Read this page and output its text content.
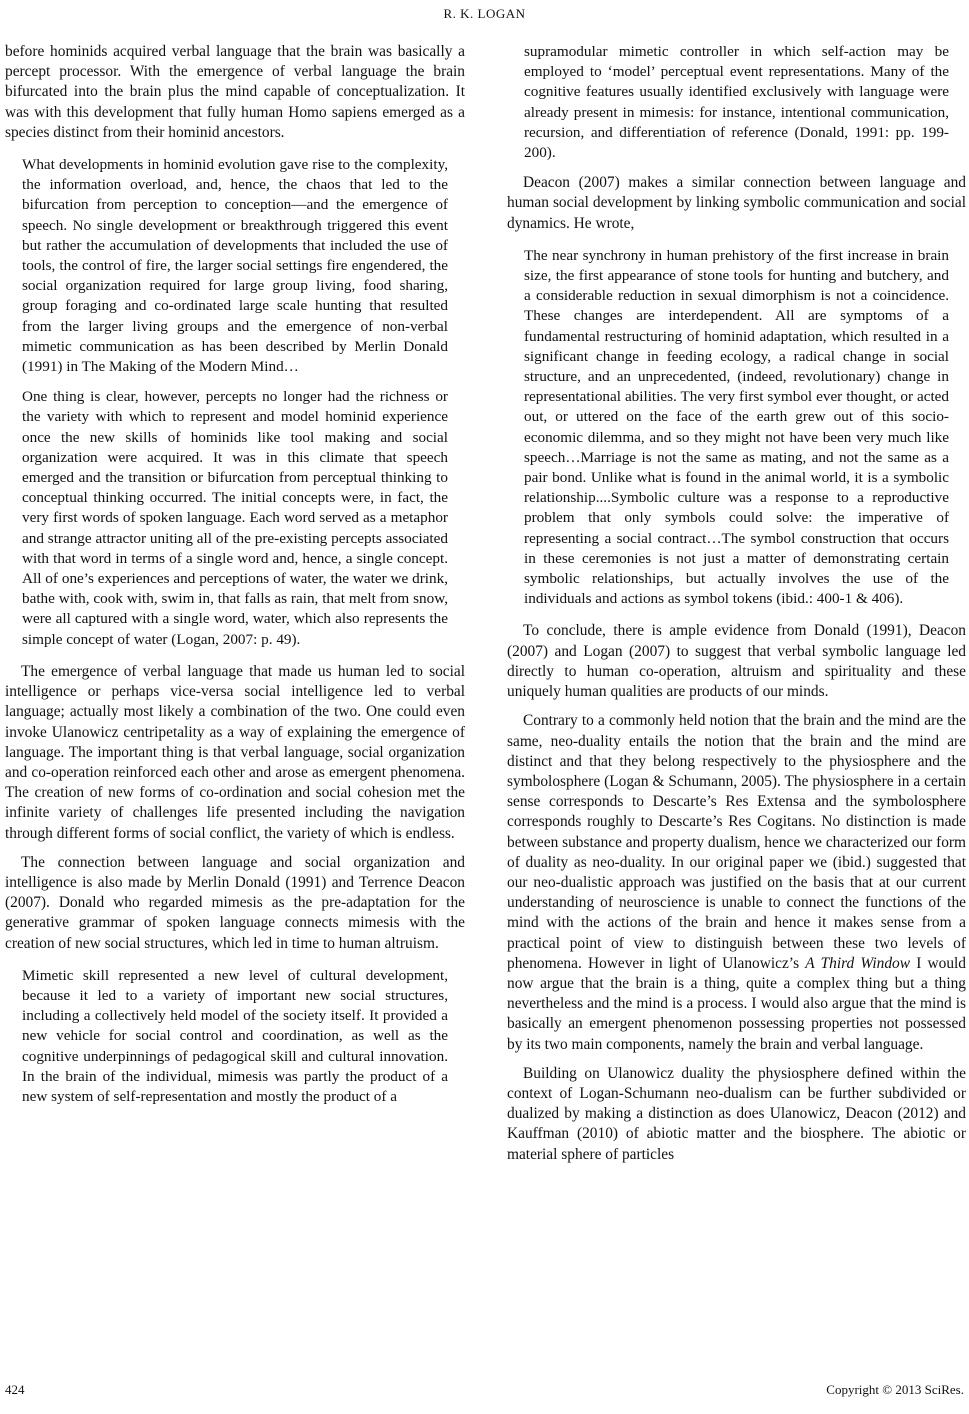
R. K. LOGAN

before hominids acquired verbal language that the brain was basically a percept processor. With the emergence of verbal language the brain bifurcated into the brain plus the mind capable of conceptualization. It was with this development that fully human Homo sapiens emerged as a species distinct from their hominid ancestors.

What developments in hominid evolution gave rise to the complexity, the information overload, and, hence, the chaos that led to the bifurcation from perception to conception—and the emergence of speech. No single development or breakthrough triggered this event but rather the accumulation of developments that included the use of tools, the control of fire, the larger social settings fire engendered, the social organization required for large group living, food sharing, group foraging and co-ordinated large scale hunting that resulted from the larger living groups and the emergence of non-verbal mimetic communication as has been described by Merlin Donald (1991) in The Making of the Modern Mind…

One thing is clear, however, percepts no longer had the richness or the variety with which to represent and model hominid experience once the new skills of hominids like tool making and social organization were acquired. It was in this climate that speech emerged and the transition or bifurcation from perceptual thinking to conceptual thinking occurred. The initial concepts were, in fact, the very first words of spoken language. Each word served as a metaphor and strange attractor uniting all of the pre-existing percepts associated with that word in terms of a single word and, hence, a single concept. All of one’s experiences and perceptions of water, the water we drink, bathe with, cook with, swim in, that falls as rain, that melt from snow, were all captured with a single word, water, which also represents the simple concept of water (Logan, 2007: p. 49).

The emergence of verbal language that made us human led to social intelligence or perhaps vice-versa social intelligence led to verbal language; actually most likely a combination of the two. One could even invoke Ulanowicz centripetality as a way of explaining the emergence of language. The important thing is that verbal language, social organization and co-operation reinforced each other and arose as emergent phenomena. The creation of new forms of co-ordination and social cohesion met the infinite variety of challenges life presented including the navigation through different forms of social conflict, the variety of which is endless.

The connection between language and social organization and intelligence is also made by Merlin Donald (1991) and Terrence Deacon (2007). Donald who regarded mimesis as the pre-adaptation for the generative grammar of spoken language connects mimesis with the creation of new social structures, which led in time to human altruism.

Mimetic skill represented a new level of cultural development, because it led to a variety of important new social structures, including a collectively held model of the society itself. It provided a new vehicle for social control and coordination, as well as the cognitive underpinnings of pedagogical skill and cultural innovation. In the brain of the individual, mimesis was partly the product of a new system of self-representation and mostly the product of a

supramodular mimetic controller in which self-action may be employed to ‘model’ perceptual event representations. Many of the cognitive features usually identified exclusively with language were already present in mimesis: for instance, intentional communication, recursion, and differentiation of reference (Donald, 1991: pp. 199-200).

Deacon (2007) makes a similar connection between language and human social development by linking symbolic communication and social dynamics. He wrote,

The near synchrony in human prehistory of the first increase in brain size, the first appearance of stone tools for hunting and butchery, and a considerable reduction in sexual dimorphism is not a coincidence. These changes are interdependent. All are symptoms of a fundamental restructuring of hominid adaptation, which resulted in a significant change in feeding ecology, a radical change in social structure, and an unprecedented, (indeed, revolutionary) change in representational abilities. The very first symbol ever thought, or acted out, or uttered on the face of the earth grew out of this socio-economic dilemma, and so they might not have been very much like speech…Marriage is not the same as mating, and not the same as a pair bond. Unlike what is found in the animal world, it is a symbolic relationship....Symbolic culture was a response to a reproductive problem that only symbols could solve: the imperative of representing a social contract…The symbol construction that occurs in these ceremonies is not just a matter of demonstrating certain symbolic relationships, but actually involves the use of the individuals and actions as symbol tokens (ibid.: 400-1 & 406).

To conclude, there is ample evidence from Donald (1991), Deacon (2007) and Logan (2007) to suggest that verbal symbolic language led directly to human co-operation, altruism and spirituality and these uniquely human qualities are products of our minds.

Contrary to a commonly held notion that the brain and the mind are the same, neo-duality entails the notion that the brain and the mind are distinct and that they belong respectively to the physiosphere and the symbolosphere (Logan & Schumann, 2005). The physiosphere in a certain sense corresponds to Descarte’s Res Extensa and the symbolosphere corresponds roughly to Descarte’s Res Cogitans. No distinction is made between substance and property dualism, hence we characterized our form of duality as neo-duality. In our original paper we (ibid.) suggested that our neo-dualistic approach was justified on the basis that at our current understanding of neuroscience is unable to connect the functions of the mind with the actions of the brain and hence it makes sense from a practical point of view to distinguish between these two levels of phenomena. However in light of Ulanowicz’s A Third Window I would now argue that the brain is a thing, quite a complex thing but a thing nevertheless and the mind is a process. I would also argue that the mind is basically an emergent phenomenon possessing properties not possessed by its two main components, namely the brain and verbal language.

Building on Ulanowicz duality the physiosphere defined within the context of Logan-Schumann neo-dualism can be further subdivided or dualized by making a distinction as does Ulanowicz, Deacon (2012) and Kauffman (2010) of abiotic matter and the biosphere. The abiotic or material sphere of particles

424	Copyright © 2013 SciRes.
